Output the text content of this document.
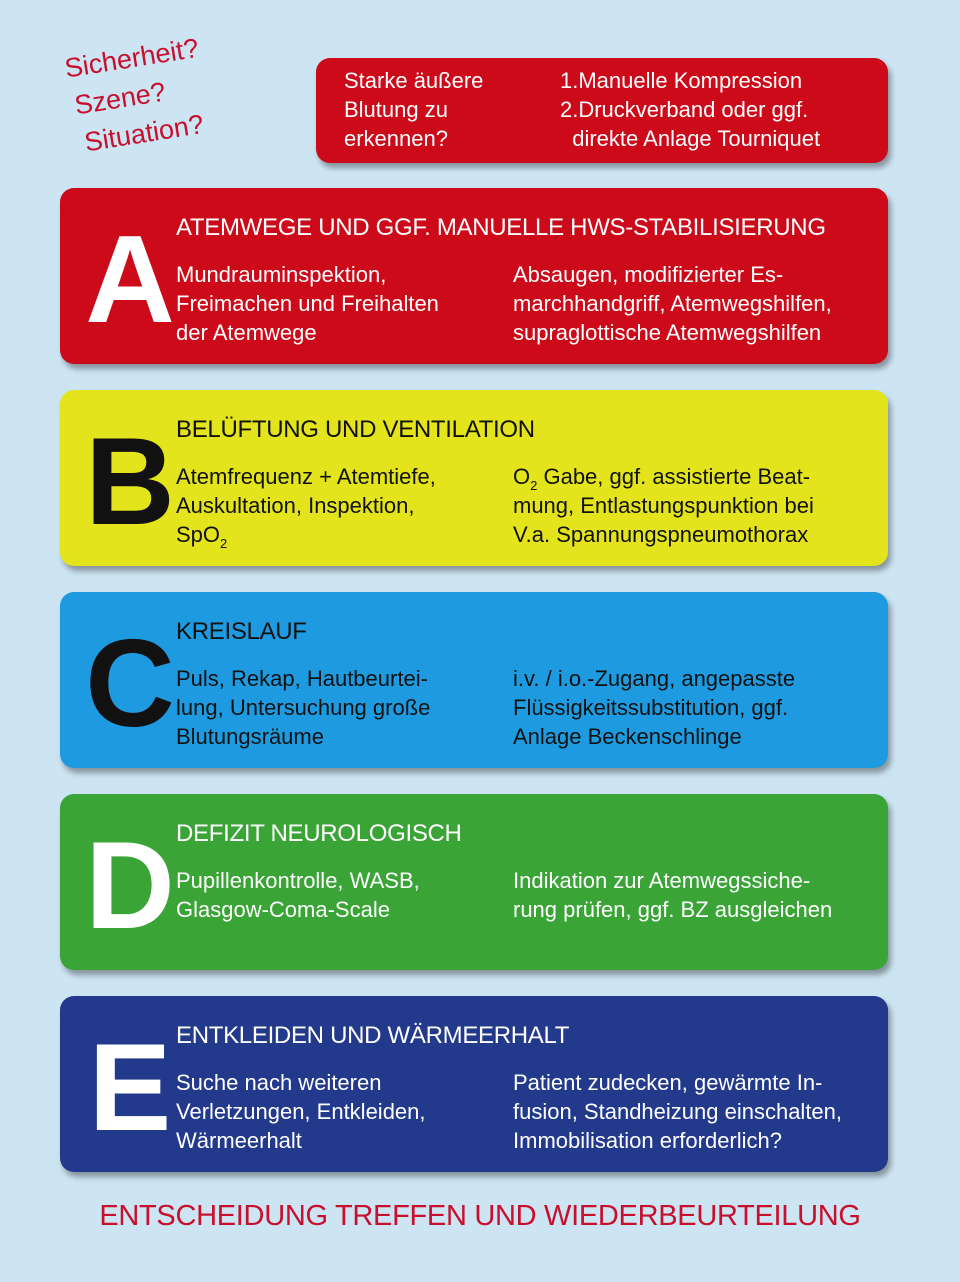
Sicherheit?
Szene?
Situation?
Starke äußere
Blutung zu
erkennen?
1.Manuelle Kompression
2.Druckverband oder ggf.
direkte Anlage Tourniquet
A ATEMWEGE UND GGF. MANUELLE HWS-STABILISIERUNG
Mundrauminspektion,
Freimachen und Freihalten
der Atemwege
Absaugen, modifizierter Es-
marchhandgriff, Atemwegshilfen,
supraglottische Atemwegshilfen
B BELÜFTUNG UND VENTILATION
Atemfrequenz + Atemtiefe,
Auskultation, Inspektion,
SpO$_2$
$O_2$ Gabe, ggf. assistierte Beat-
mung, Entlastungspunktion bei
V.a. Spannungspneumothorax
C KREISLAUF
Puls, Rekap, Hautbeurtei-
lung, Untersuchung große
Blutungsräume
i.v. / i.o.-Zugang, angepasste
Flüssigkeitssubstitution, ggf.
Anlage Beckenschlinge
D DEFIZIT NEUROLOGISCH
Pupillenkontrolle, WASB,
Glasgow-Coma-Scale
Indikation zur Atemwegssiche-
rung prüfen, ggf. BZ ausgleichen
E ENTKLEIDEN UND WÄRMEERHALT
Suche nach weiteren
Verletzungen, Entkleiden,
Wärmeerhalt
Patient zudecken, gewärmte In-
fusion, Standheizung einschalten,
Immobilisation erforderlich?
ENTSCHEIDUNG TREFFEN UND WIEDERBEURTEILUNG
